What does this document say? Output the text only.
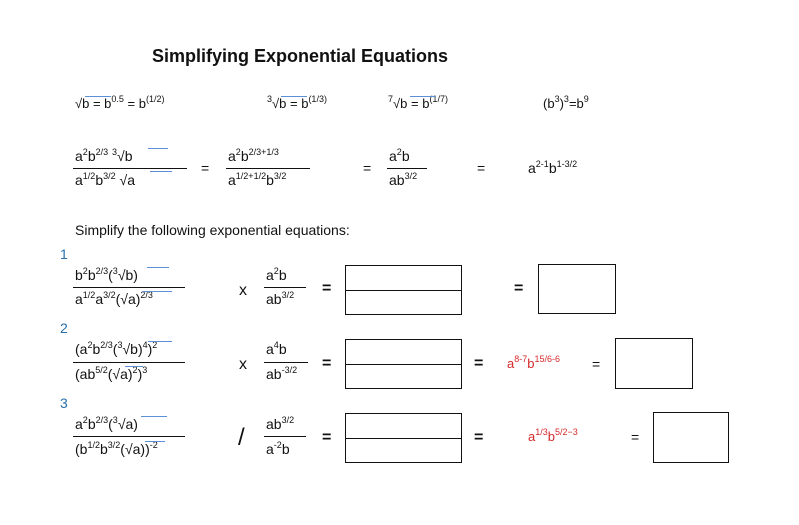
Simplifying Exponential Equations
$√b = b^{0.5} = b^{(1/2)}$	$^3√b = b^{(1/3)}$	$^7√b = b^{(1/7)}$	$(b^3)^3=b^9$
$a^2b^{2/3}$ $^3$√b
$a^{1/2}b^{3/2}$ √a
=
$a^2b^{2/3+1/3}$
$a^{1/2+1/2}b^{3/2}$	=
$a^2b$
$ab^{3/2}$	=	$a^{2-1}b^{1-3/2}$
Simplify the following exponential equations:
1
$b^2b^{2/3}(^3√b)$
$a^{1/2}a^{3/2}(√a)^{2/3}$	x
$a^2b$
$ab^{3/2}$ =	=
2
$(a^2b^{2/3}(^3√b)^4)^2$
$(ab^{5/2}(√a)^2)^3$	x
$a^4b$
$ab^{-3/2}$ =	= $a^{8-7}b^{15/6-6}$ =
3
$a^2b^{2/3}(^3√a)$
$(b^{1/2}b^{3/2}(√a))^{-2}$	/ $ab^{3/2}$
$a^{-2}b$
=	=	$a^{1/3}b^{5/2-3}$	=
